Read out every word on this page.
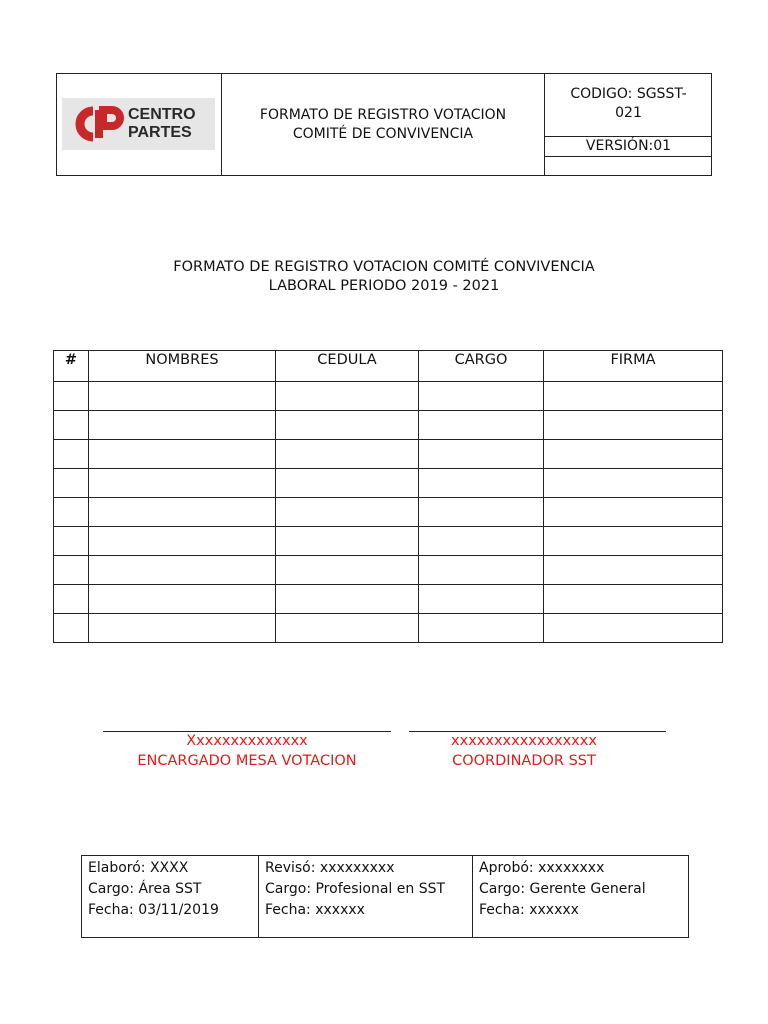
CENTRO
PARTES
FORMATO DE REGISTRO VOTACION
COMITÉ DE CONVIVENCIA
CODIGO: SGSST-
021
VERSIÓN:01
FORMATO DE REGISTRO VOTACION COMITÉ CONVIVENCIA
LABORAL PERIODO 2019 - 2021
#	NOMBRES	CEDULA	CARGO	FIRMA

Xxxxxxxxxxxxxx
ENCARGADO MESA VOTACION
xxxxxxxxxxxxxxxxx
COORDINADOR SST
Elaboró: XXXX
Cargo: Área SST
Fecha: 03/11/2019

Revisó: xxxxxxxxx
Cargo: Profesional en SST
Fecha: xxxxxx

Aprobó: xxxxxxxx
Cargo: Gerente General
Fecha: xxxxxx
